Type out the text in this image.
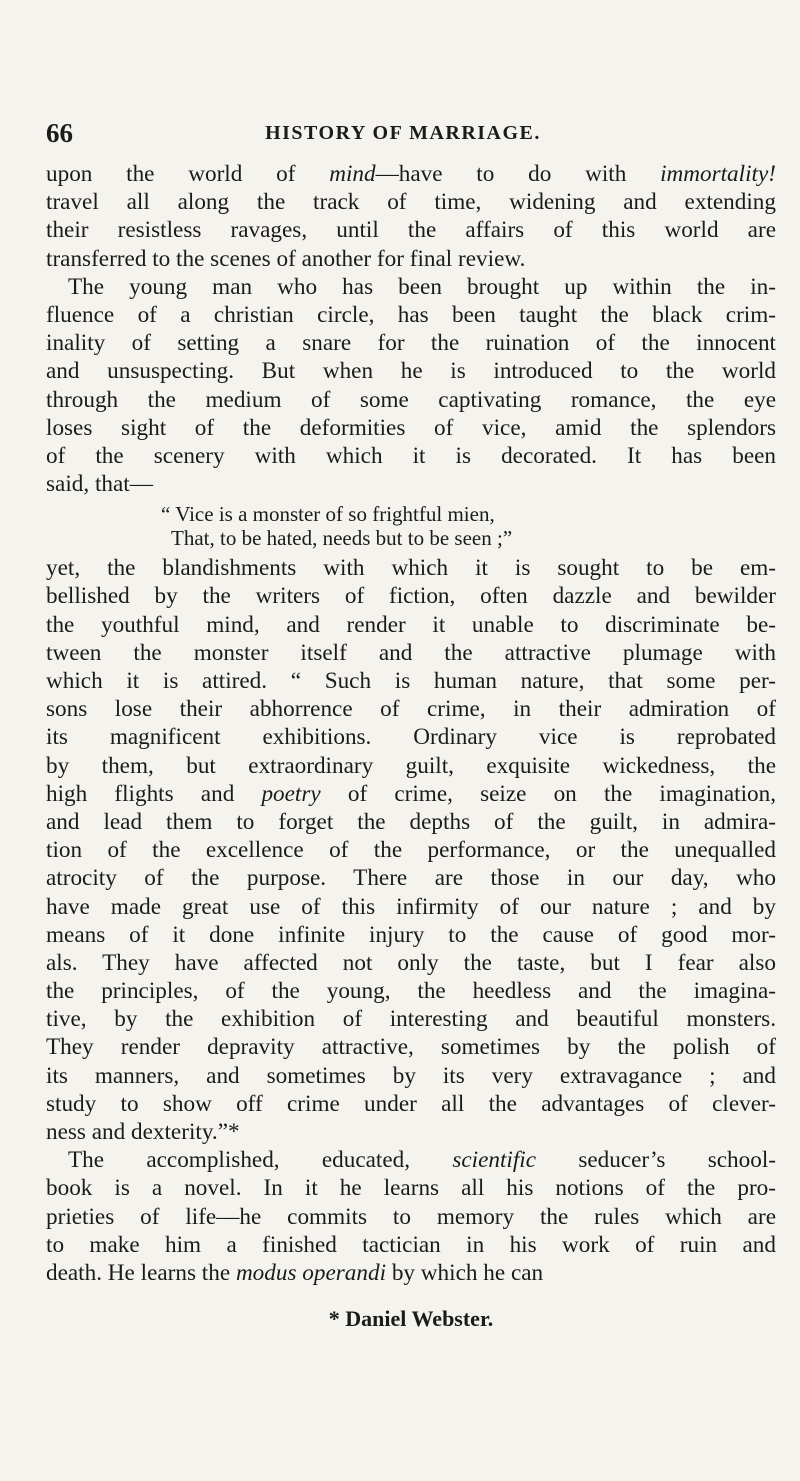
66	HISTORY OF MARRIAGE.
upon the world of mind—have to do with immortality!
travel all along the track of time, widening and extending
their resistless ravages, until the affairs of this world are
transferred to the scenes of another for final review.
The young man who has been brought up within the in-
fluence of a christian circle, has been taught the black crim-
inality of setting a snare for the ruination of the innocent
and unsuspecting. But when he is introduced to the world
through the medium of some captivating romance, the eye
loses sight of the deformities of vice, amid the splendors
of the scenery with which it is decorated. It has been
said, that—
“ Vice is a monster of so frightful mien,
That, to be hated, needs but to be seen ;”
yet, the blandishments with which it is sought to be em-
bellished by the writers of fiction, often dazzle and bewilder
the youthful mind, and render it unable to discriminate be-
tween the monster itself and the attractive plumage with
which it is attired. “ Such is human nature, that some per-
sons lose their abhorrence of crime, in their admiration of
its magnificent exhibitions. Ordinary vice is reprobated
by them, but extraordinary guilt, exquisite wickedness, the
high flights and poetry of crime, seize on the imagination,
and lead them to forget the depths of the guilt, in admira-
tion of the excellence of the performance, or the unequalled
atrocity of the purpose. There are those in our day, who
have made great use of this infirmity of our nature ; and by
means of it done infinite injury to the cause of good mor-
als. They have affected not only the taste, but I fear also
the principles, of the young, the heedless and the imagina-
tive, by the exhibition of interesting and beautiful monsters.
They render depravity attractive, sometimes by the polish of
its manners, and sometimes by its very extravagance ; and
study to show off crime under all the advantages of clever-
ness and dexterity.”*
The accomplished, educated, scientific seducer’s school-
book is a novel. In it he learns all his notions of the pro-
prieties of life—he commits to memory the rules which are
to make him a finished tactician in his work of ruin and
death. He learns the modus operandi by which he can
* Daniel Webster.
